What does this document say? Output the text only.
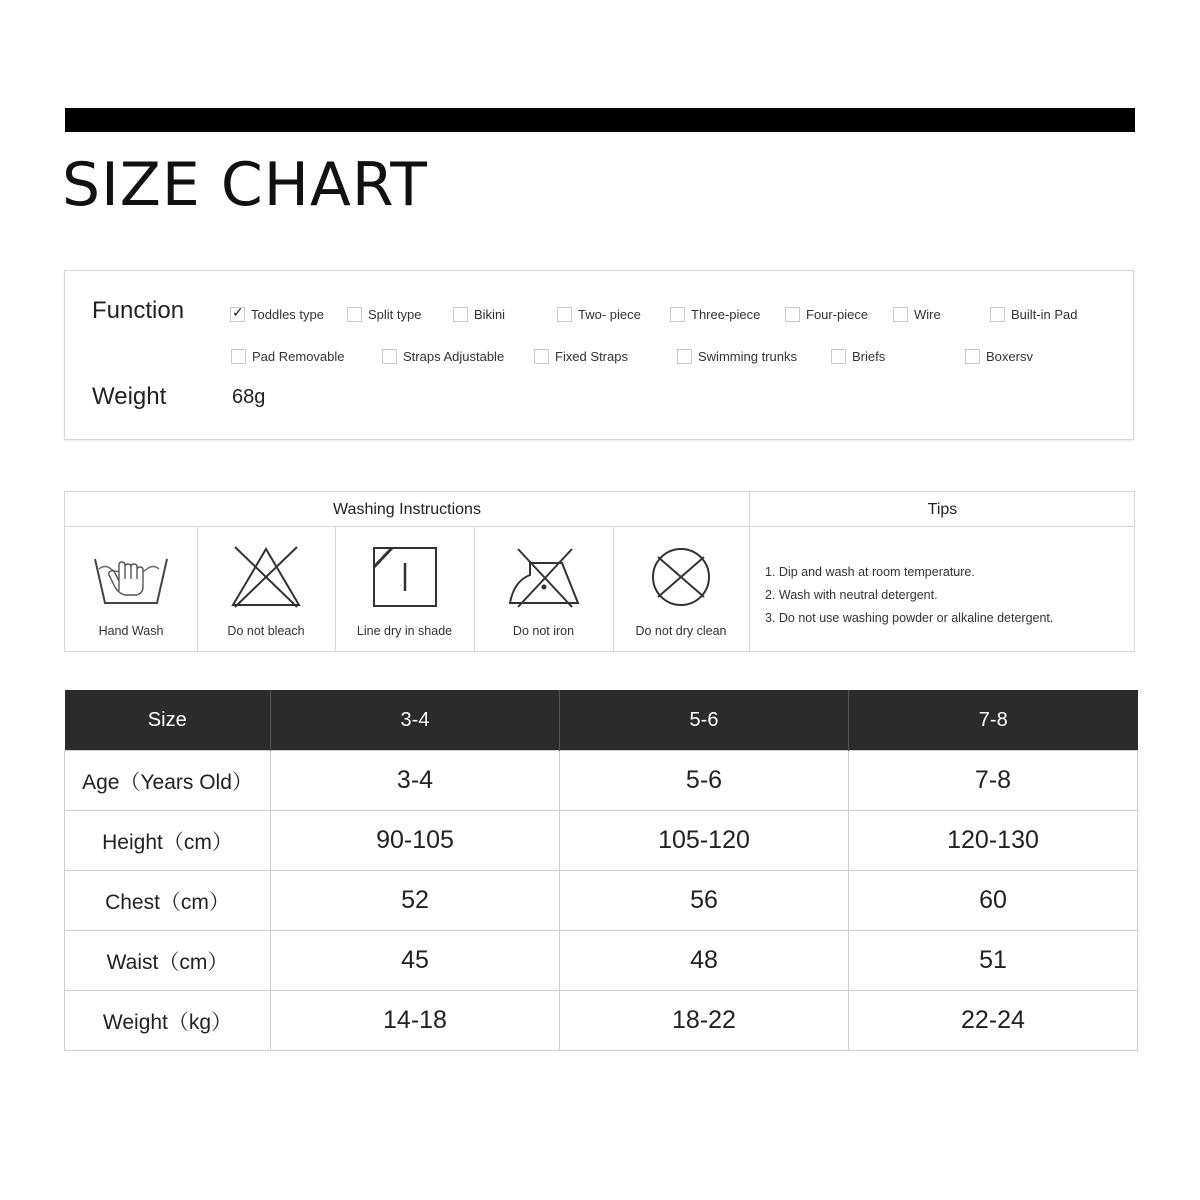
SIZE CHART
Function ✓	Toddles type	Split type	Bikini	Two- piece	Three-piece	Four-piece	Wire	Built-in Pad
Pad Removable	Straps Adjustable	Fixed Straps	Swimming trunks	Briefs	Boxersv
Weight	68g
Washing Instructions	Tips
Hand Wash	Do not bleach	Line dry in shade	Do not iron	Do not dry clean
1. Dip and wash at room temperature.
2. Wash with neutral detergent.
3. Do not use washing powder or alkaline detergent.
Size	3-4	5-6	7-8
Age（Years Old）	3-4	5-6	7-8
Height（cm）	90-105	105-120	120-130
Chest（cm）	52	56	60
Waist（cm）	45	48	51
Weight（kg）	14-18	18-22	22-24
